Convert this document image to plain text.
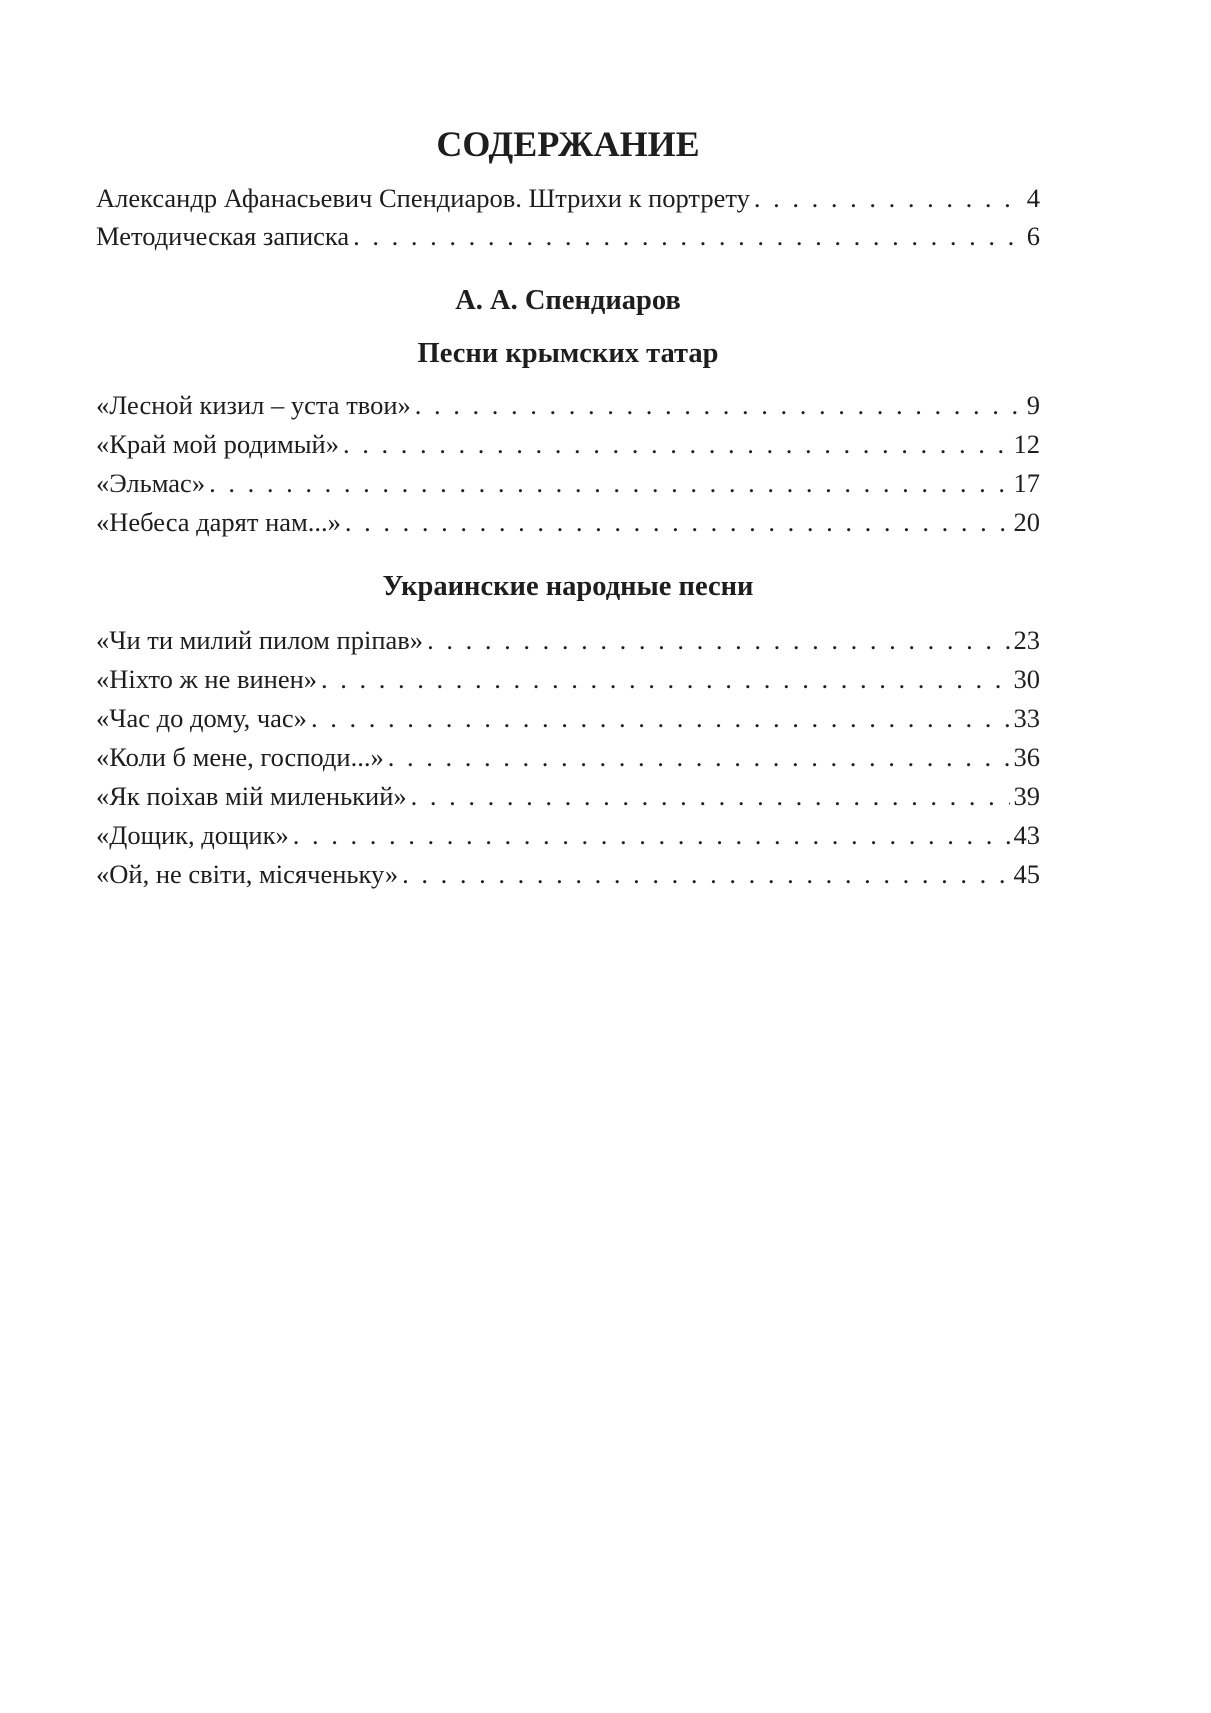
СОДЕРЖАНИЕ
Александр Афанасьевич Спендиаров. Штрихи к портрету . . .	4
Методическая записка . . .	6
А. А. Спендиаров
Песни крымских татар
«Лесной кизил – уста твои» . . .	9
«Край мой родимый» . . .	12
«Эльмас» . . .	17
«Небеса дарят нам...» . . .	20
Украинские народные песни
«Чи ти милий пилом пріпав» . . .	23
«Ніхто ж не винен» . . .	30
«Час до дому, час» . . .	33
«Коли б мене, господи...» . . .	36
«Як поіхав мій миленький» . . .	39
«Дощик, дощик» . . .	43
«Ой, не світи, місяченьку» . . .	45
